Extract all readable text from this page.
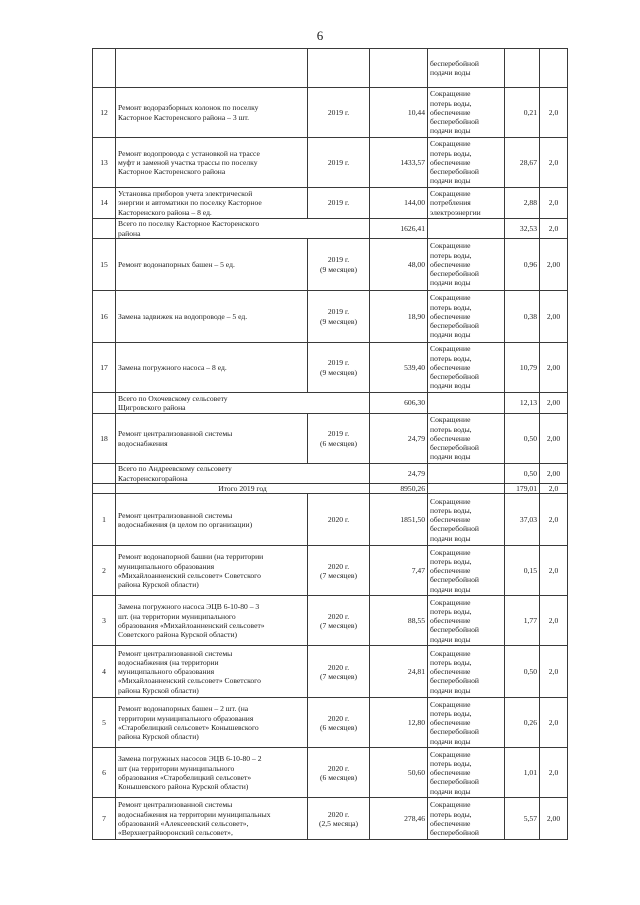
6
				бесперебойной
подачи воды		
12	Ремонт водоразборных колонок по поселку
Касторное Касторенского района – 3 шт.	2019 г.	10,44	Сокращение
потерь воды,
обеспечение
бесперебойной
подачи воды	0,21	2,0
13	Ремонт водопровода с установкой на трассе
муфт и заменой участка трассы по поселку
Касторное Касторенского района	2019 г.	1433,57	Сокращение
потерь воды,
обеспечение
бесперебойной
подачи воды	28,67	2,0
14	Установка приборов учета электрической
энергии и автоматики по поселку Касторное
Касторенского района – 8 ед.	2019 г.	144,00	Сокращение
потребления
электроэнергии	2,88	2,0
	Всего по поселку Касторное Касторенского
района		1626,41		32,53	2,0
15	Ремонт водонапорных башен – 5 ед.	2019 г.
(9 месяцев)	48,00	Сокращение
потерь воды,
обеспечение
бесперебойной
подачи воды	0,96	2,00
16	Замена задвижек на водопроводе – 5 ед.	2019 г.
(9 месяцев)	18,90	Сокращение
потерь воды,
обеспечение
бесперебойной
подачи воды	0,38	2,00
17	Замена погружного насоса – 8 ед.	2019 г.
(9 месяцев)	539,40	Сокращение
потерь воды,
обеспечение
бесперебойной
подачи воды	10,79	2,00
	Всего по Охочевскому сельсовету
Щигровского района		606,30		12,13	2,00
18	Ремонт централизованной системы
водоснабжения	2019 г.
(6 месяцев)	24,79	Сокращение
потерь воды,
обеспечение
бесперебойной
подачи воды	0,50	2,00
	Всего по Андреевскому сельсовету
Касторенскогорайона		24,79		0,50	2,00
	Итого 2019 год		8950,26		179,01	2,0
1	Ремонт централизованной системы
водоснабжения (в целом по организации)	2020 г.	1851,50	Сокращение
потерь воды,
обеспечение
бесперебойной
подачи воды	37,03	2,0
2	Ремонт водонапорной башни (на территории
муниципального образования
«Михайлоанненский сельсовет» Советского
района Курской области)	2020 г.
(7 месяцев)	7,47	Сокращение
потерь воды,
обеспечение
бесперебойной
подачи воды	0,15	2,0
3	Замена погружного насоса ЭЦВ 6-10-80 – 3
шт. (на территории муниципального
образования «Михайлоанненский сельсовет»
Советского района Курской области)	2020 г.
(7 месяцев)	88,55	Сокращение
потерь воды,
обеспечение
бесперебойной
подачи воды	1,77	2,0
4	Ремонт централизованной системы
водоснабжения (на территории
муниципального образования
«Михайлоанненский сельсовет» Советского
района Курской области)	2020 г.
(7 месяцев)	24,81	Сокращение
потерь воды,
обеспечение
бесперебойной
подачи воды	0,50	2,0
5	Ремонт водонапорных башен – 2 шт. (на
территории муниципального образования
«Старобелицкий сельсовет» Конышевского
района Курской области)	2020 г.
(6 месяцев)	12,80	Сокращение
потерь воды,
обеспечение
бесперебойной
подачи воды	0,26	2,0
6	Замена погружных насосов ЭЦВ 6-10-80 – 2
шт (на территории муниципального
образования «Старобелицкий сельсовет»
Конышевского района Курской области)	2020 г.
(6 месяцев)	50,60	Сокращение
потерь воды,
обеспечение
бесперебойной
подачи воды	1,01	2,0
7	Ремонт централизованной системы
водоснабжения на территории муниципальных
образований «Алексеевский сельсовет»,
«Верхнеграйворонский сельсовет»,	2020 г.
(2,5 месяца)	278,46	Сокращение
потерь воды,
обеспечение
бесперебойной	5,57	2,00
